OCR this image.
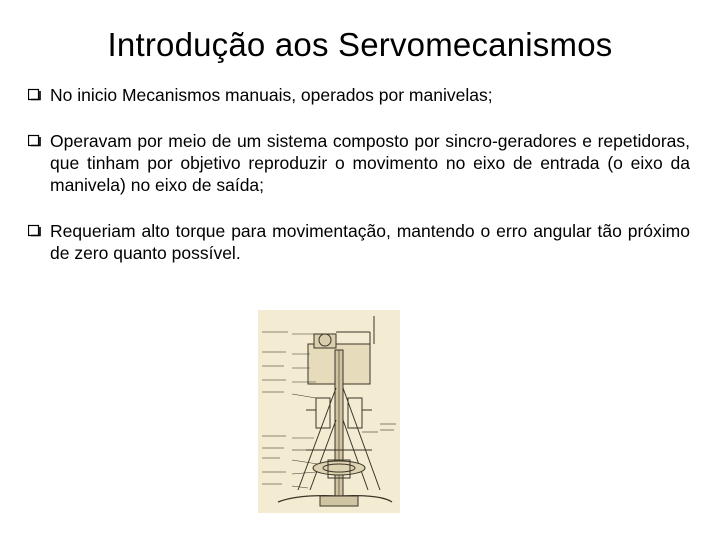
Introdução aos Servomecanismos
No inicio Mecanismos manuais, operados por manivelas;
Operavam por meio de um sistema composto por sincro-geradores e repetidoras, que tinham por objetivo reproduzir o movimento no eixo de entrada (o eixo da manivela) no eixo de saída;
Requeriam alto torque para movimentação, mantendo o erro angular tão próximo de zero quanto possível.
